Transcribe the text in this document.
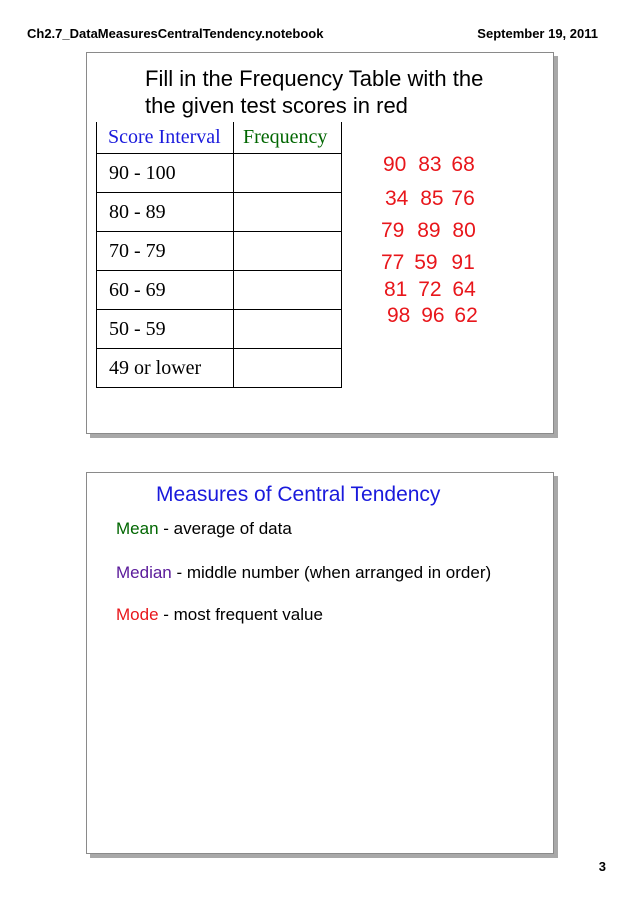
Ch2.7_DataMeasuresCentralTendency.notebook	September 19, 2011
Fill in the Frequency Table with the
the given test scores in red
Score Interval	Frequency
90 - 100	
80 - 89	
70 - 79	
60 - 69	
50 - 59	
49 or lower	
90 83 68
34 85 76
79 89 80
77 59 91
81 72 64
98 96 62
Measures of Central Tendency
Mean - average of data
Median - middle number (when arranged in order)
Mode - most frequent value
3
